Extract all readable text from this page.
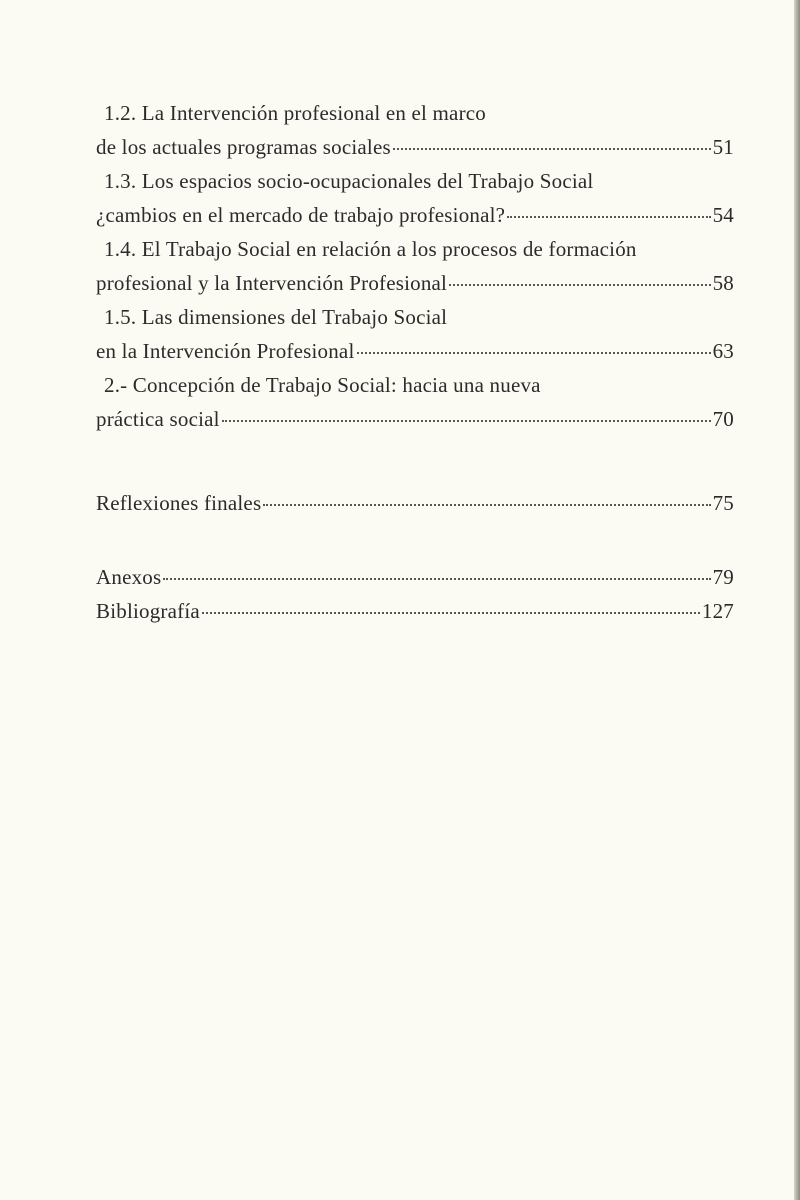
1.2. La Intervención profesional en el marco
de los actuales programas sociales	51
1.3. Los espacios socio-ocupacionales del Trabajo Social
¿cambios en el mercado de trabajo profesional?	54
1.4. El Trabajo Social en relación a los procesos de formación
profesional y la Intervención Profesional	58
1.5. Las dimensiones del Trabajo Social
en la Intervención Profesional	63
2.- Concepción de Trabajo Social: hacia una nueva
práctica social	70
Reflexiones finales	75
Anexos	79
Bibliografía	127
